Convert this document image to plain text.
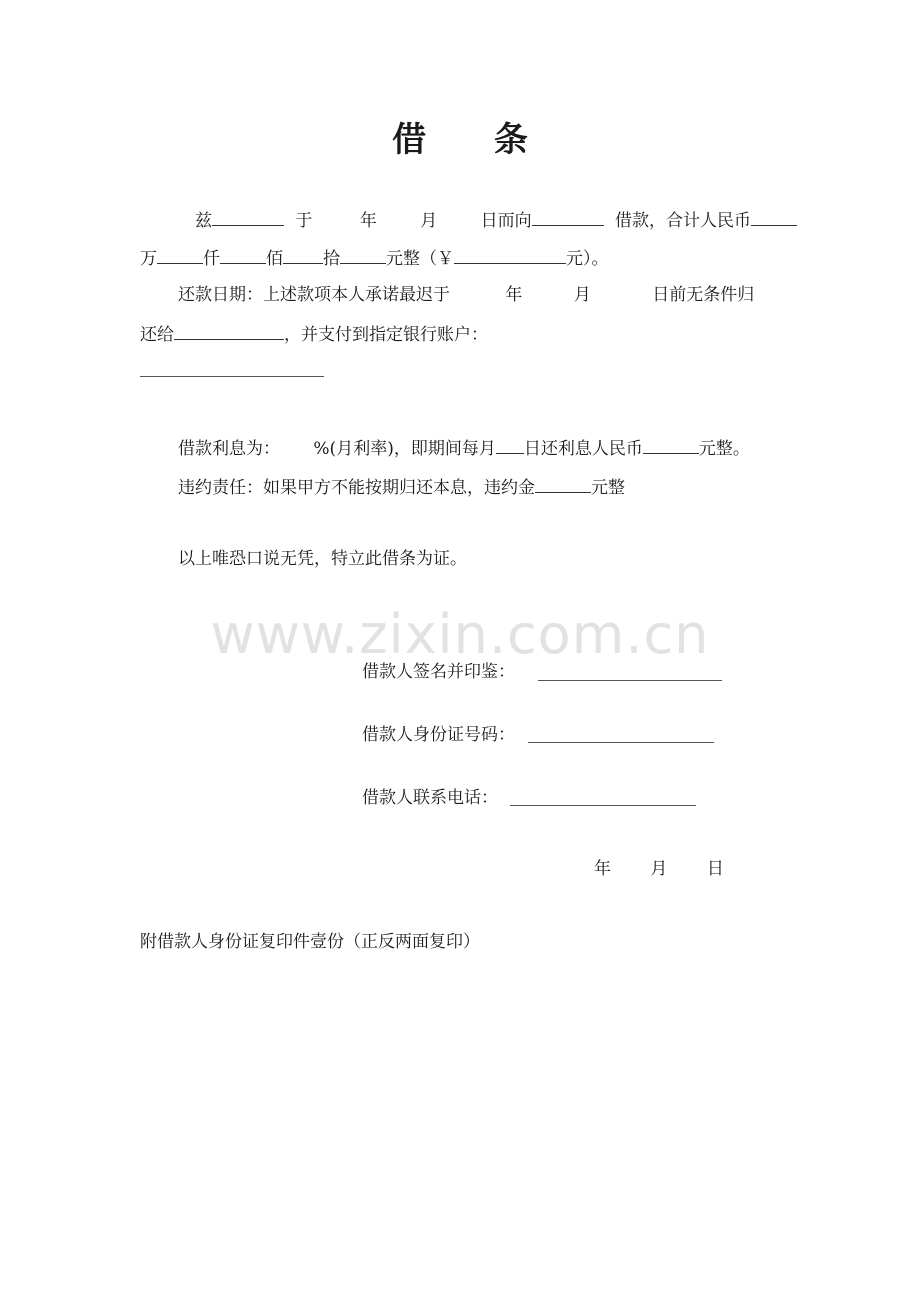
借 条
兹	于	年	月	日而向	借款，合计人民币
万	仟	佰 拾	元整（￥	元）。
还款日期：上述款项本人承诺最迟于	年	月	日前无条件归
还给	，并支付到指定银行账户：
借款利息为： %(月利率)，即期间每月 日还利息人民币	元整。
违约责任：如果甲方不能按期归还本息，违约金	元整
以上唯恐口说无凭，特立此借条为证。
www.zixin.com.cn
借款人签名并印鉴：
借款人身份证号码：
借款人联系电话：
年 月 日
附借款人身份证复印件壹份（正反两面复印）
